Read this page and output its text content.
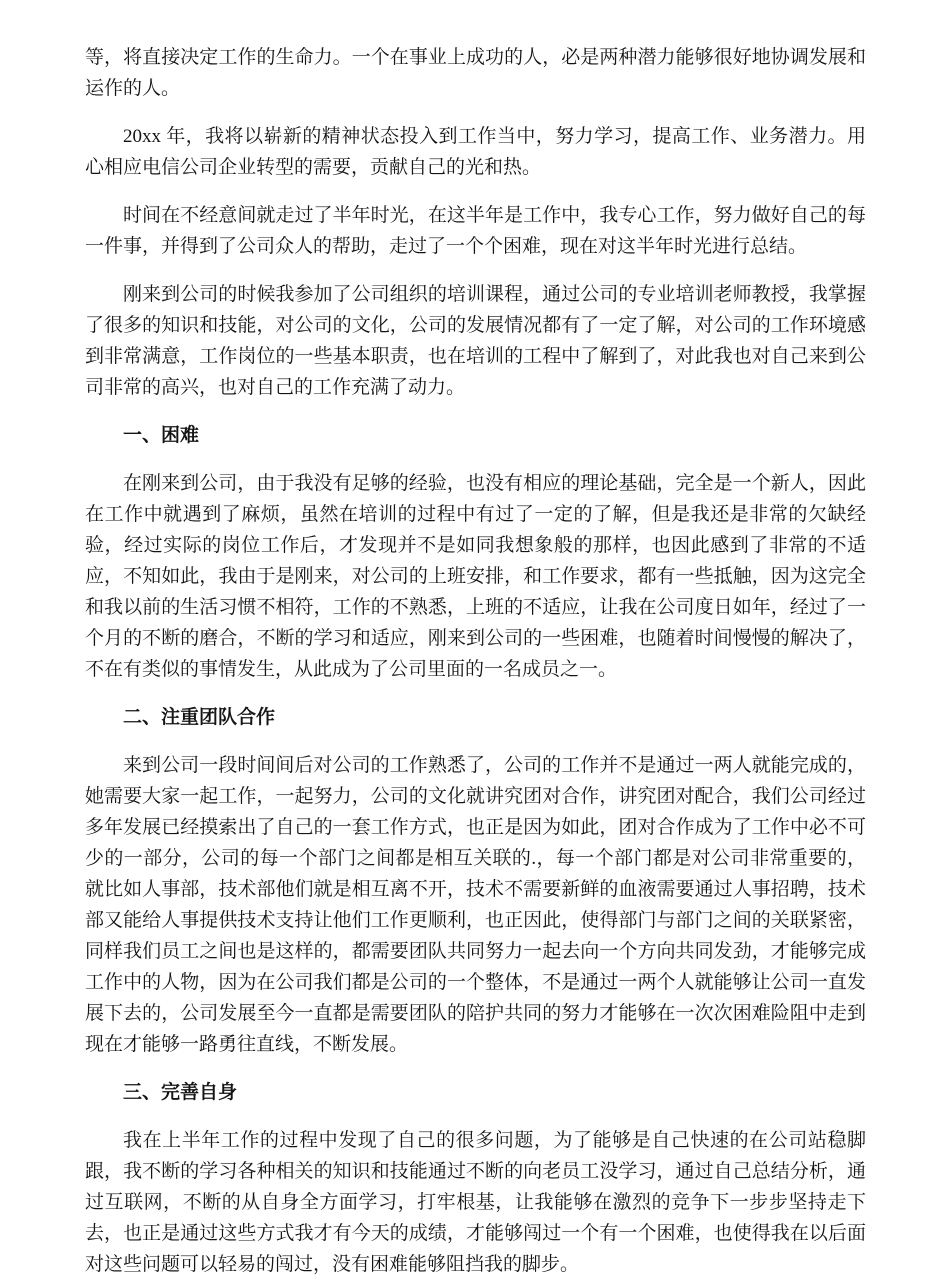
等，将直接决定工作的生命力。一个在事业上成功的人，必是两种潜力能够很好地协调发展和运作的人。

20xx 年，我将以崭新的精神状态投入到工作当中，努力学习，提高工作、业务潜力。用心相应电信公司企业转型的需要，贡献自己的光和热。

时间在不经意间就走过了半年时光，在这半年是工作中，我专心工作，努力做好自己的每一件事，并得到了公司众人的帮助，走过了一个个困难，现在对这半年时光进行总结。

刚来到公司的时候我参加了公司组织的培训课程，通过公司的专业培训老师教授，我掌握了很多的知识和技能，对公司的文化，公司的发展情况都有了一定了解，对公司的工作环境感到非常满意，工作岗位的一些基本职责，也在培训的工程中了解到了，对此我也对自己来到公司非常的高兴，也对自己的工作充满了动力。

一、困难

在刚来到公司，由于我没有足够的经验，也没有相应的理论基础，完全是一个新人，因此在工作中就遇到了麻烦，虽然在培训的过程中有过了一定的了解，但是我还是非常的欠缺经验，经过实际的岗位工作后，才发现并不是如同我想象般的那样，也因此感到了非常的不适应，不知如此，我由于是刚来，对公司的上班安排，和工作要求，都有一些抵触，因为这完全和我以前的生活习惯不相符，工作的不熟悉，上班的不适应，让我在公司度日如年，经过了一个月的不断的磨合，不断的学习和适应，刚来到公司的一些困难，也随着时间慢慢的解决了，不在有类似的事情发生，从此成为了公司里面的一名成员之一。

二、注重团队合作

来到公司一段时间间后对公司的工作熟悉了，公司的工作并不是通过一两人就能完成的，她需要大家一起工作，一起努力，公司的文化就讲究团对合作，讲究团对配合，我们公司经过多年发展已经摸索出了自己的一套工作方式，也正是因为如此，团对合作成为了工作中必不可少的一部分，公司的每一个部门之间都是相互关联的.，每一个部门都是对公司非常重要的，就比如人事部，技术部他们就是相互离不开，技术不需要新鲜的血液需要通过人事招聘，技术部又能给人事提供技术支持让他们工作更顺利，也正因此，使得部门与部门之间的关联紧密，同样我们员工之间也是这样的，都需要团队共同努力一起去向一个方向共同发劲，才能够完成工作中的人物，因为在公司我们都是公司的一个整体，不是通过一两个人就能够让公司一直发展下去的，公司发展至今一直都是需要团队的陪护共同的努力才能够在一次次困难险阻中走到现在才能够一路勇往直线，不断发展。

三、完善自身

我在上半年工作的过程中发现了自己的很多问题，为了能够是自己快速的在公司站稳脚跟，我不断的学习各种相关的知识和技能通过不断的向老员工没学习，通过自己总结分析，通过互联网，不断的从自身全方面学习，打牢根基，让我能够在激烈的竞争下一步步坚持走下去，也正是通过这些方式我才有今天的成绩，才能够闯过一个有一个困难，也使得我在以后面对这些问题可以轻易的闯过，没有困难能够阻挡我的脚步。
